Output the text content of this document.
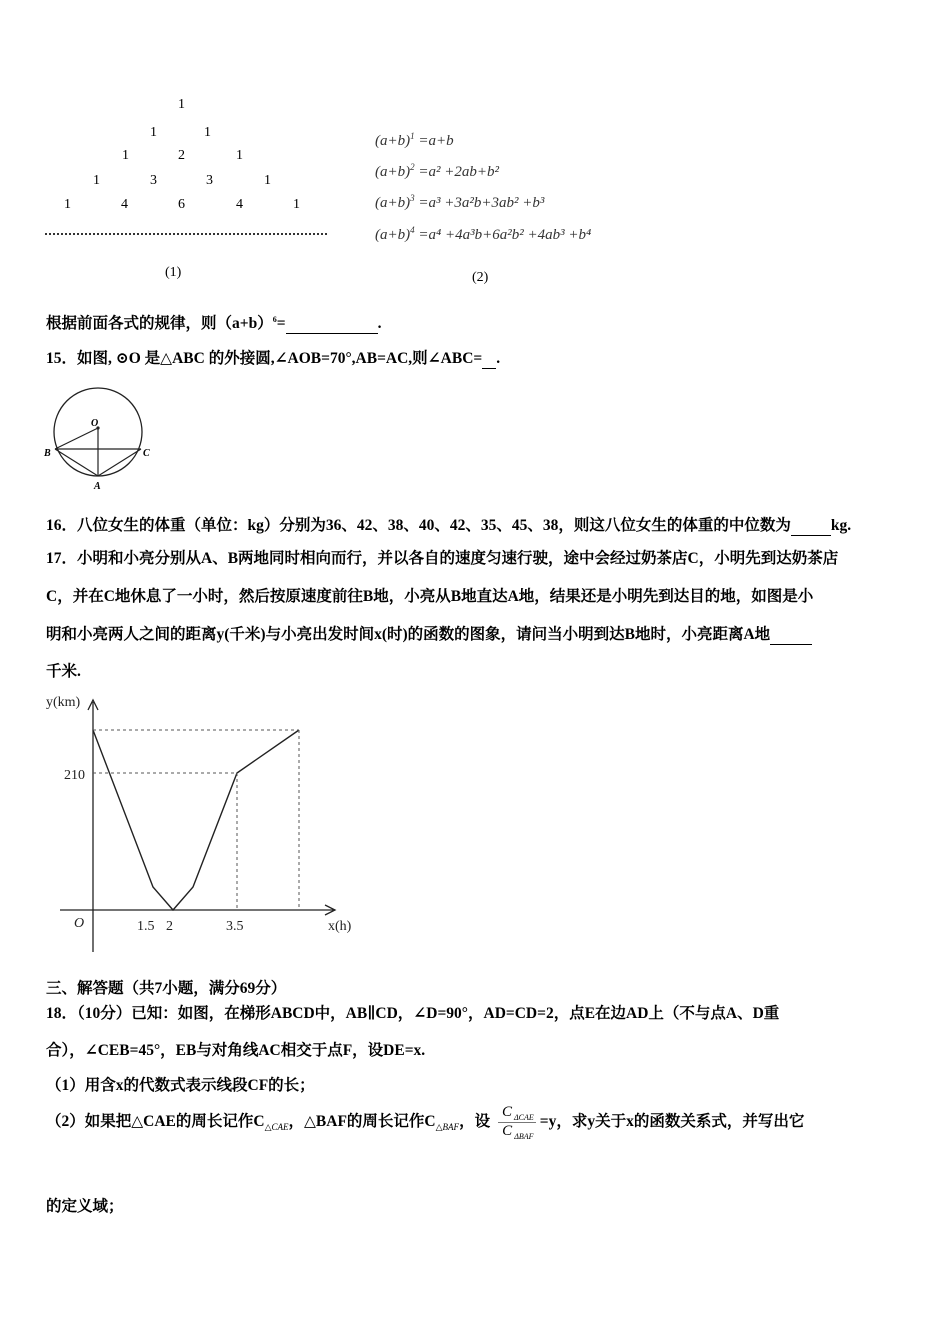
1
1	1
1	2	1
1	3	3	1
1	4	6	4	1
(1)
$(a+b)^1 =a+b$
$(a+b)^2 =a^2 +2ab+b^2$
$(a+b)^3 =a^3 +3a^2b+3ab^2 +b^3$
$(a+b)^4 =a^4 +4a^3b+6a^2b^2 +4ab^3 +b^4$
(2)
根据前面各式的规律，则$(a+b)^6=$	.
15．如图, ⊙O 是△ABC 的外接圆,∠AOB=70°,AB=AC,则∠ABC= .
O
B	C
A
16．八位女生的体重（单位：kg）分别为36、42、38、40、42、35、45、38，则这八位女生的体重的中位数为	kg.
17．小明和小亮分别从A、B两地同时相向而行，并以各自的速度匀速行驶，途中会经过奶茶店C，小明先到达奶茶店
C，并在C地休息了一小时，然后按原速度前往B地，小亮从B地直达A地，结果还是小明先到达目的地，如图是小
明和小亮两人之间的距离y(千米)与小亮出发时间x(时)的函数的图象，请问当小明到达B地时，小亮距离A地
千米.
y(km)
x(h)
O
210
1.5 2	3.5
三、解答题（共7小题，满分69分）
18．（10分）已知：如图，在梯形ABCD中，AB∥CD，∠D=90°，AD=CD=2，点E在边AD上（不与点A、D重
合），∠CEB=45°，EB与对角线AC相交于点F，设DE=x.
（1）用含x的代数式表示线段CF的长；
（2）如果把△CAE的周长记作$C_{\triangle CAE}$，△BAF的周长记作$C_{\triangle BAF}$，设 $\frac{C _{\Delta CAE}}{C _{\Delta BAF}} =y$，求y关于x的函数关系式，并写出它
的定义域；
